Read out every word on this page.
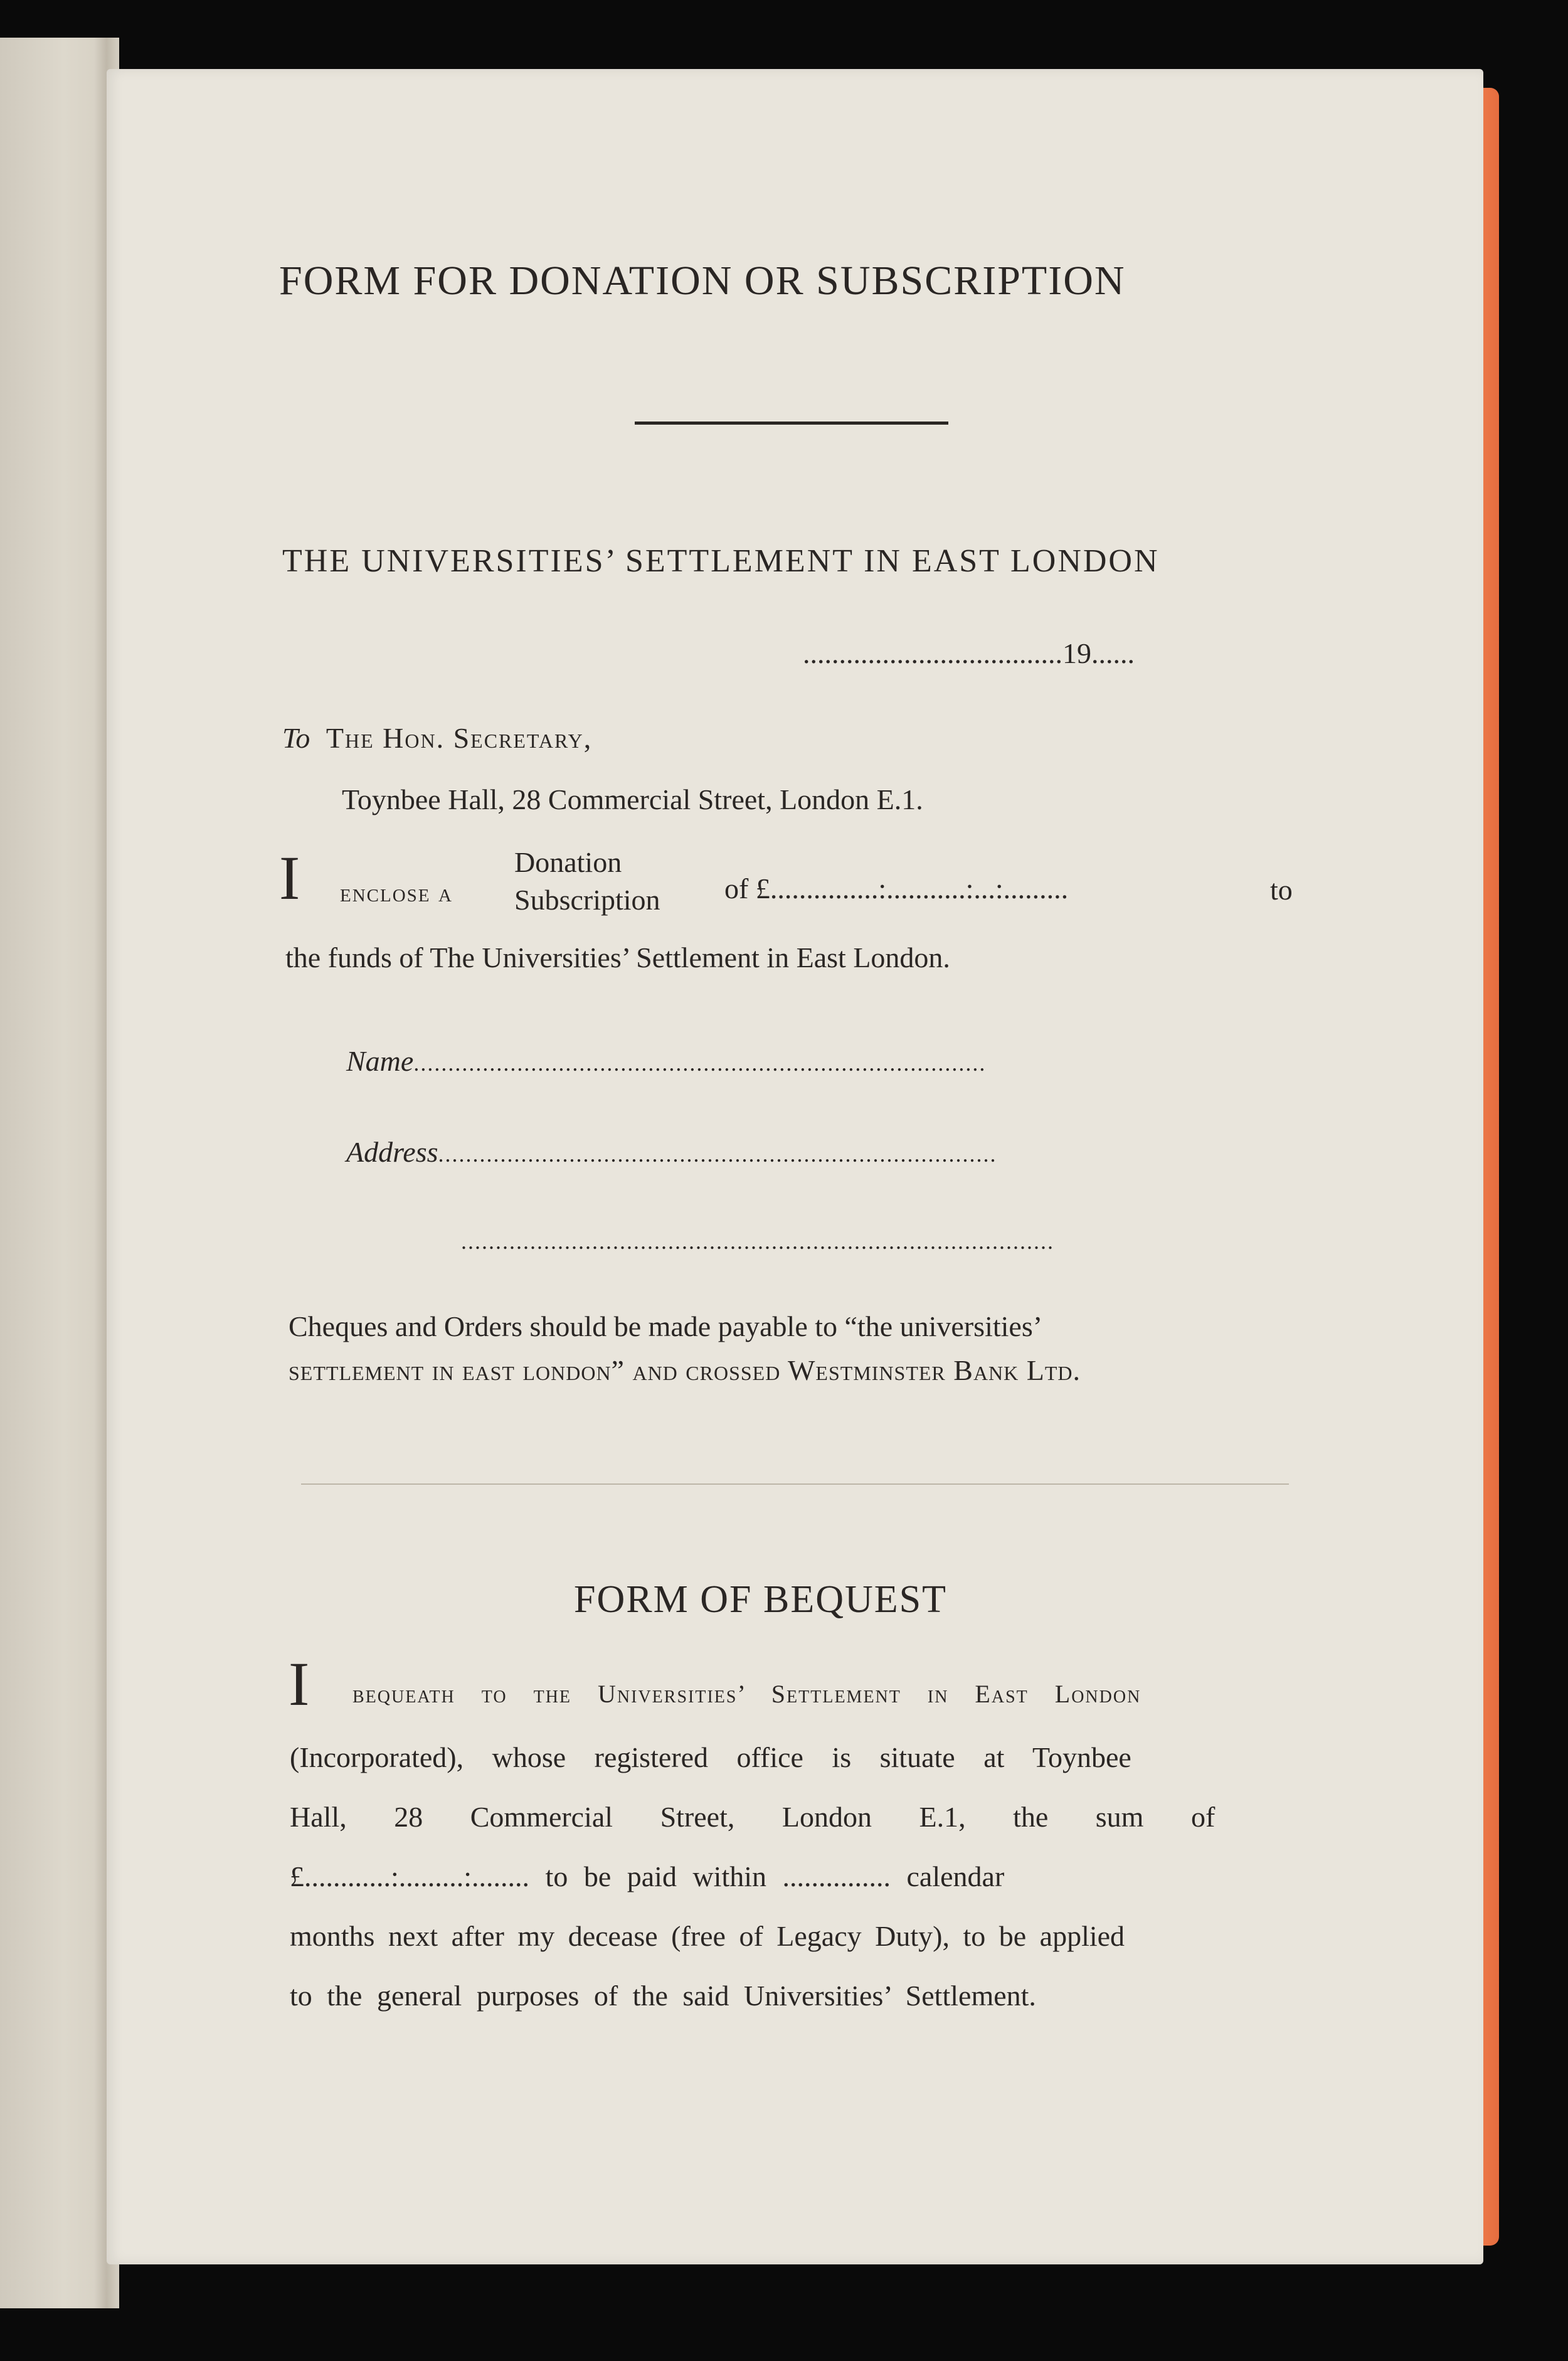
FORM FOR DONATION OR SUBSCRIPTION
THE UNIVERSITIES’ SETTLEMENT IN EAST LONDON
....................................19......
To The Hon. Secretary,
Toynbee Hall, 28 Commercial Street, London E.1.
I enclose a
Donation
Subscription of £...............:...........:...:.........	to
the funds of The Universities’ Settlement in East London.
Name...................................................................................
Address.................................................................................
......................................................................................
Cheques and Orders should be made payable to “the universities’
settlement in east london” and crossed Westminster Bank Ltd.
FORM OF BEQUEST
I bequeath to the Universities’ Settlement in East London
(Incorporated), whose registered office is situate at Toynbee
Hall, 28 Commercial Street, London E.1, the sum of
£............:.........:........ to be paid within ............... calendar
months next after my decease (free of Legacy Duty), to be applied
to the general purposes of the said Universities’ Settlement.
